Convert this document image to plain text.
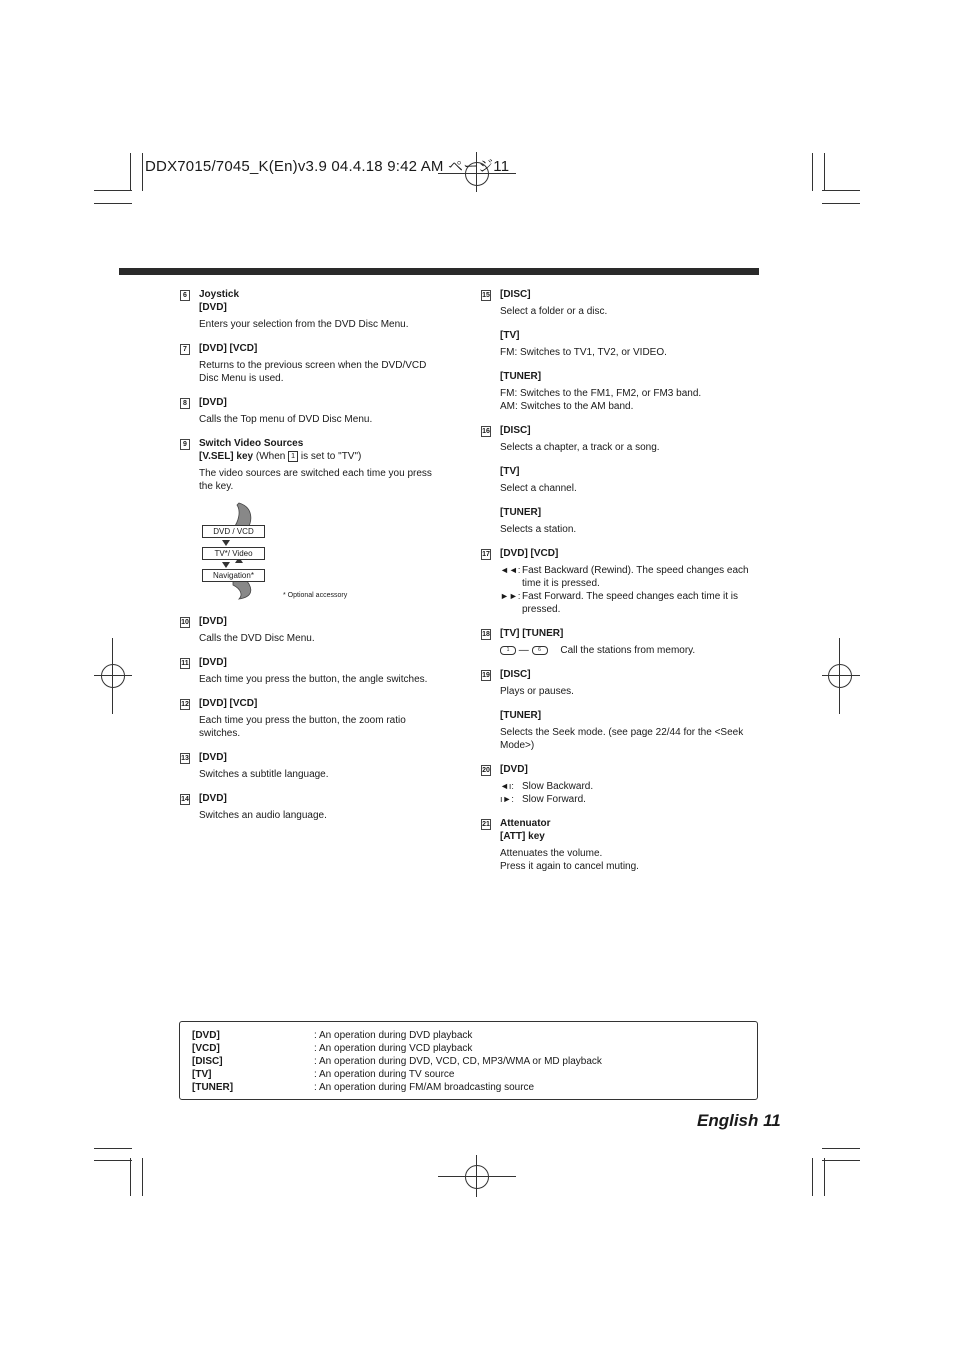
DDX7015/7045_K(En)v3.9 04.4.18 9:42 AM ページ11
6	Joystick
[DVD]
Enters your selection from the DVD Disc Menu.
7	[DVD] [VCD]
Returns to the previous screen when the DVD/VCD Disc Menu is used.
8	[DVD]
Calls the Top menu of DVD Disc Menu.
9	Switch Video Sources
[V.SEL] key (When 1 is set to "TV")
The video sources are switched each time you press the key.
DVD / VCD
TV*/ Video
Navigation*
* Optional accessory
10 [DVD]
Calls the DVD Disc Menu.
11 [DVD]
Each time you press the button, the angle switches.
12 [DVD] [VCD]
Each time you press the button, the zoom ratio switches.
13 [DVD]
Switches a subtitle language.
14 [DVD]
Switches an audio language.
15 [DISC]
Select a folder or a disc.
[TV]
FM: Switches to TV1, TV2, or VIDEO.
[TUNER]
FM: Switches to the FM1, FM2, or FM3 band.
AM: Switches to the AM band.
16 [DISC]
Selects a chapter, a track or a song.
[TV]
Select a channel.
[TUNER]
Selects a station.
17 [DVD] [VCD]
◄◄: Fast Backward (Rewind). The speed changes each time it is pressed.
►►: Fast Forward. The speed changes each time it is pressed.
18 [TV] [TUNER]
1 — 6 Call the stations from memory.
19 [DISC]
Plays or pauses.
[TUNER]
Selects the Seek mode. (see page 22/44 for the <Seek Mode>)
20 [DVD]
◄ı: Slow Backward.
ı►: Slow Forward.
21 Attenuator
[ATT] key
Attenuates the volume.
Press it again to cancel muting.
[DVD]	: An operation during DVD playback
[VCD]	: An operation during VCD playback
[DISC]	: An operation during DVD, VCD, CD, MP3/WMA or MD playback
[TV]	: An operation during TV source
[TUNER]	: An operation during FM/AM broadcasting source
English 11
